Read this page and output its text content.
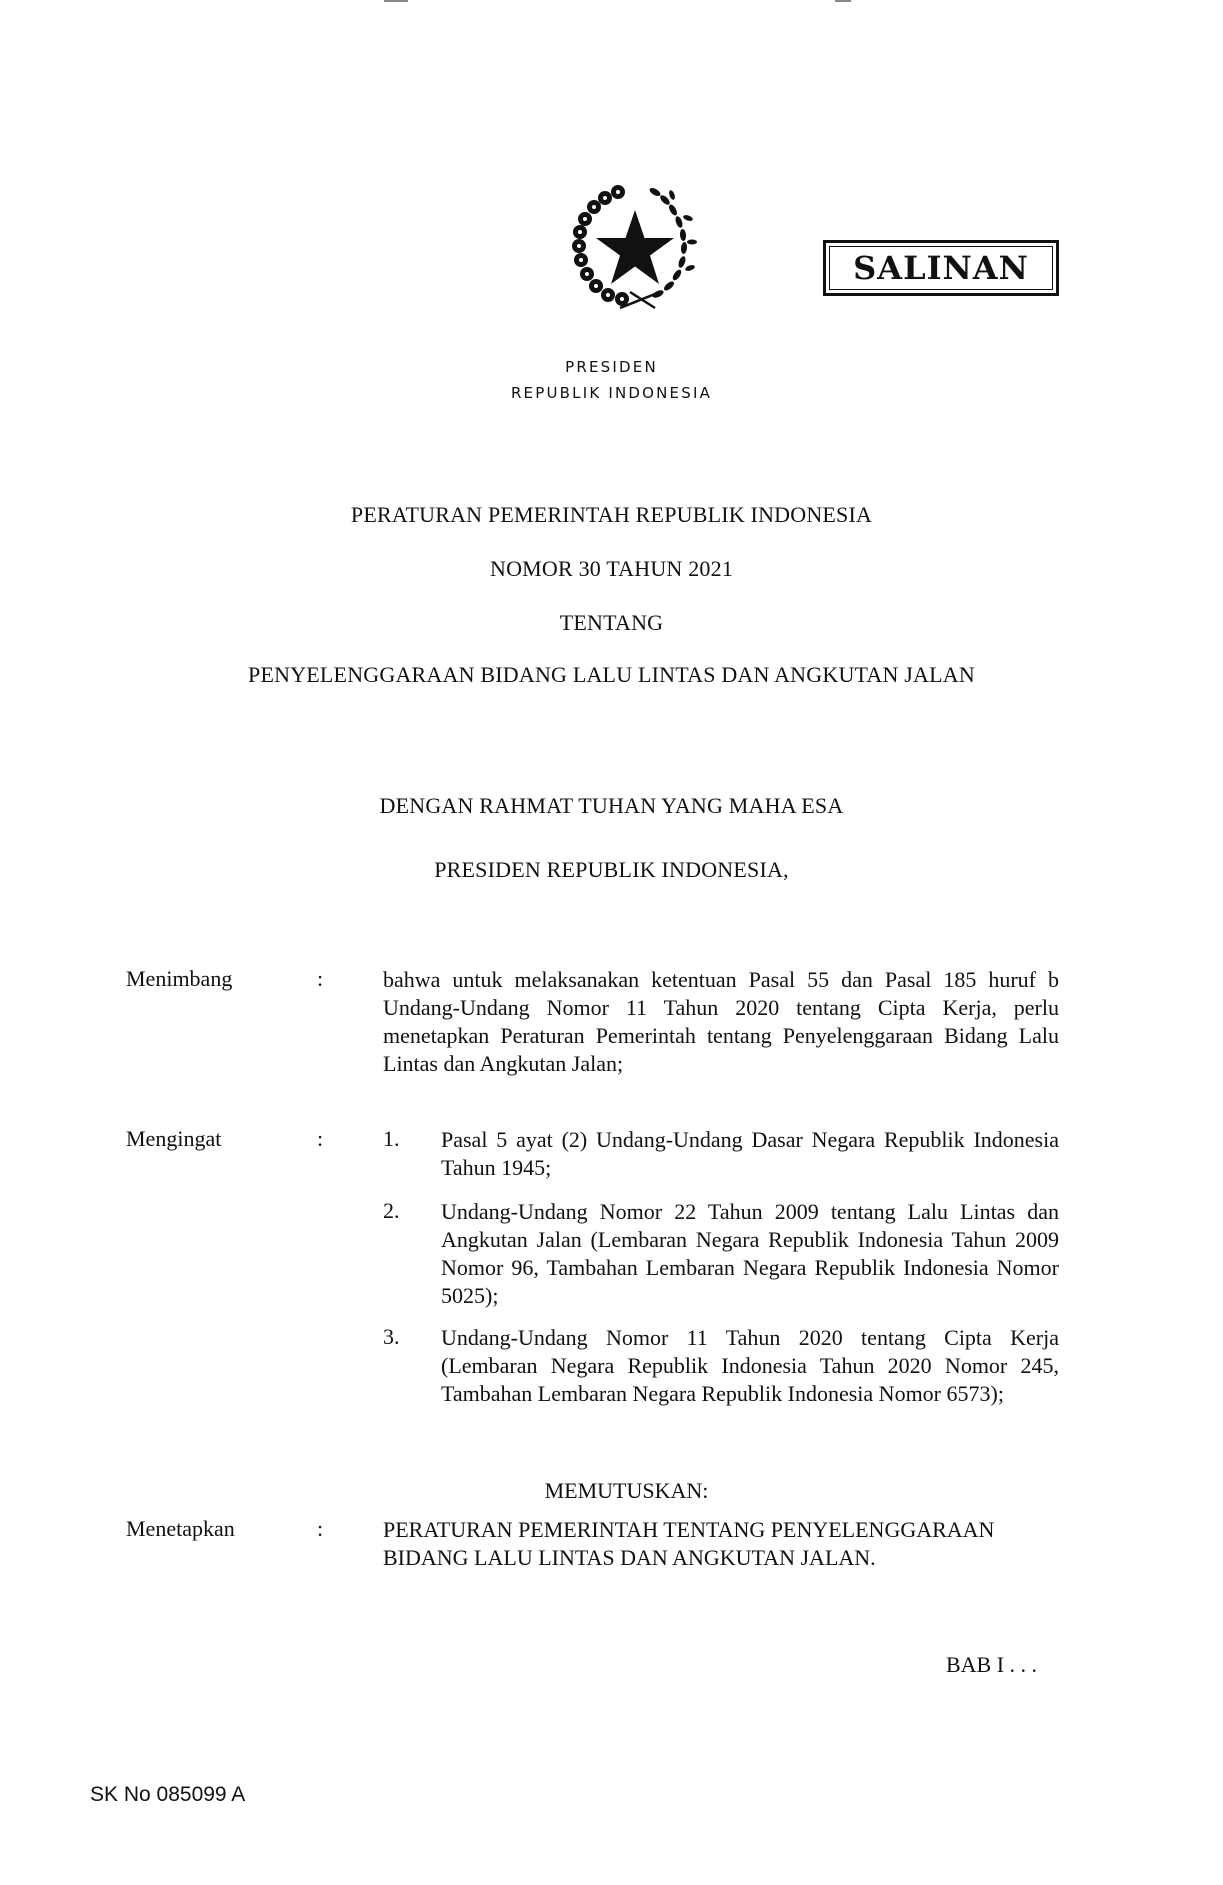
PRESIDEN
REPUBLIK INDONESIA
SALINAN
PERATURAN PEMERINTAH REPUBLIK INDONESIA
NOMOR 30 TAHUN 2021
TENTANG
PENYELENGGARAAN BIDANG LALU LINTAS DAN ANGKUTAN JALAN
DENGAN RAHMAT TUHAN YANG MAHA ESA
PRESIDEN REPUBLIK INDONESIA,
Menimbang	:	bahwa untuk melaksanakan ketentuan Pasal 55 dan Pasal 185 huruf b Undang-Undang Nomor 11 Tahun 2020 tentang Cipta Kerja, perlu menetapkan Peraturan Pemerintah tentang Penyelenggaraan Bidang Lalu Lintas dan Angkutan Jalan;
Mengingat	:	1. Pasal 5 ayat (2) Undang-Undang Dasar Negara Republik Indonesia Tahun 1945;
2. Undang-Undang Nomor 22 Tahun 2009 tentang Lalu Lintas dan Angkutan Jalan (Lembaran Negara Republik Indonesia Tahun 2009 Nomor 96, Tambahan Lembaran Negara Republik Indonesia Nomor 5025);
3. Undang-Undang Nomor 11 Tahun 2020 tentang Cipta Kerja (Lembaran Negara Republik Indonesia Tahun 2020 Nomor 245, Tambahan Lembaran Negara Republik Indonesia Nomor 6573);
MEMUTUSKAN:
Menetapkan	:	PERATURAN PEMERINTAH TENTANG PENYELENGGARAAN BIDANG LALU LINTAS DAN ANGKUTAN JALAN.
BAB I . . .
SK No 085099 A
